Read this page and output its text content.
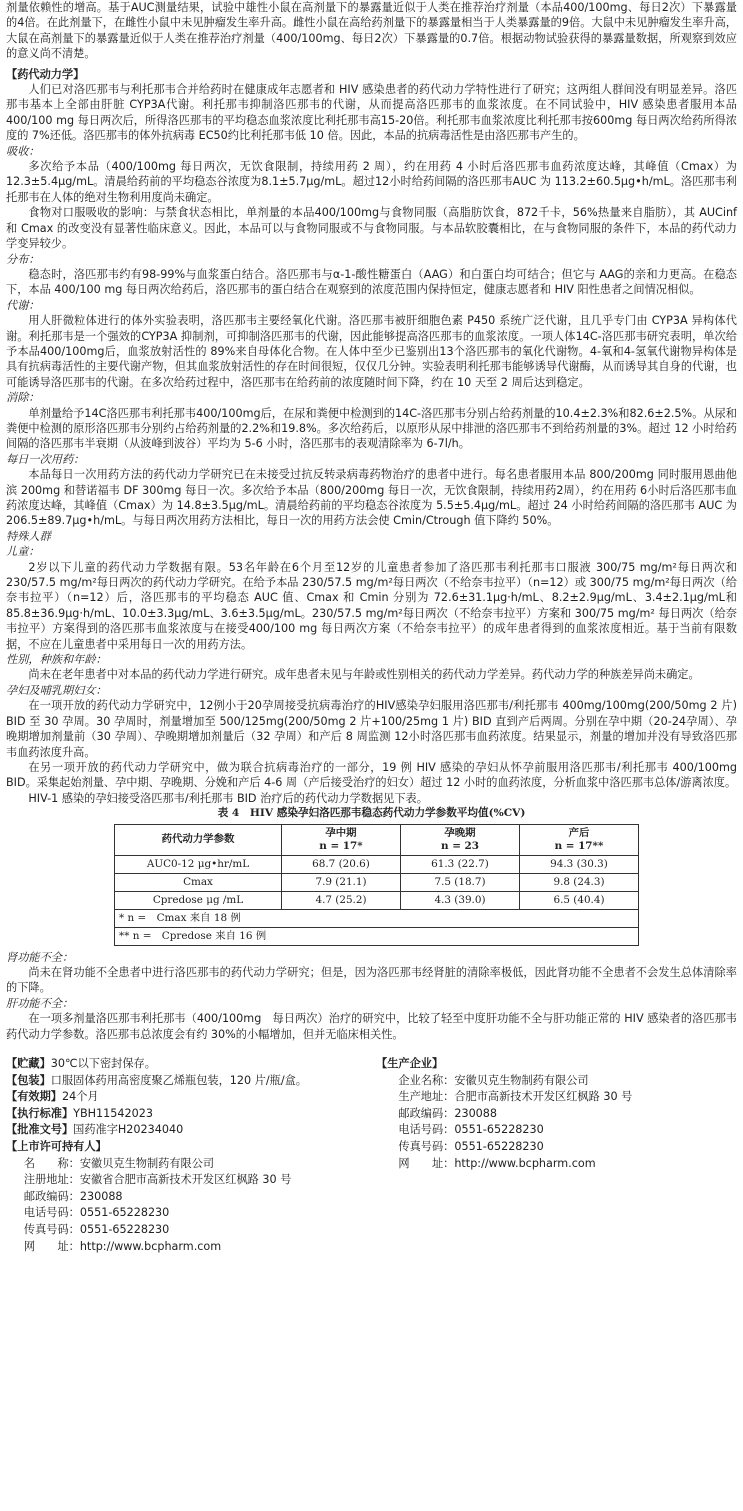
剂量依赖性的增高。基于AUC测量结果，试验中雄性小鼠在高剂量下的暴露量近似于人类在推荐治疗剂量（本品400/100mg、每日2次）下暴露量的4倍。在此剂量下，在雌性小鼠中未见肿瘤发生率升高。雌性小鼠在高给药剂量下的暴露量相当于人类暴露量的9倍。大鼠中未见肿瘤发生率升高，大鼠在高剂量下的暴露量近似于人类在推荐治疗剂量（400/100mg、每日2次）下暴露量的0.7倍。根据动物试验获得的暴露量数据，所观察到效应的意义尚不清楚。

【药代动力学】

人们已对洛匹那韦与利托那韦合并给药时在健康成年志愿者和 HIV 感染患者的药代动力学特性进行了研究；这两组人群间没有明显差异。洛匹那韦基本上全部由肝脏 CYP3A代谢。利托那韦抑制洛匹那韦的代谢，从而提高洛匹那韦的血浆浓度。在不同试验中，HIV 感染患者服用本品 400/100 mg 每日两次后，所得洛匹那韦的平均稳态血浆浓度比利托那韦高15-20倍。利托那韦血浆浓度比利托那韦按600mg 每日两次给药所得浓度的 7%还低。洛匹那韦的体外抗病毒 EC50约比利托那韦低 10 倍。因此，本品的抗病毒活性是由洛匹那韦产生的。

吸收：

多次给予本品（400/100mg 每日两次，无饮食限制，持续用药 2 周），约在用药 4 小时后洛匹那韦血药浓度达峰，其峰值（Cmax）为12.3±5.4μg/mL。清晨给药前的平均稳态谷浓度为8.1±5.7μg/mL。超过12小时给药间隔的洛匹那韦AUC 为 113.2±60.5μg•h/mL。洛匹那韦利托那韦在人体的绝对生物利用度尚未确定。

食物对口服吸收的影响：与禁食状态相比，单剂量的本品400/100mg与食物同服（高脂肪饮食，872千卡，56%热量来自脂肪），其 AUCinf 和 Cmax 的改变没有显著性临床意义。因此，本品可以与食物同服或不与食物同服。与本品软胶囊相比，在与食物同服的条件下，本品的药代动力学变异较少。

分布：

稳态时，洛匹那韦约有98-99%与血浆蛋白结合。洛匹那韦与α-1-酸性糖蛋白（AAG）和白蛋白均可结合；但它与 AAG的亲和力更高。在稳态下，本品 400/100 mg 每日两次给药后，洛匹那韦的蛋白结合在观察到的浓度范围内保持恒定，健康志愿者和 HIV 阳性患者之间情况相似。

代谢：

用人肝微粒体进行的体外实验表明，洛匹那韦主要经氧化代谢。洛匹那韦被肝细胞色素 P450 系统广泛代谢，且几乎专门由 CYP3A 异构体代谢。利托那韦是一个强效的CYP3A 抑制剂，可抑制洛匹那韦的代谢，因此能够提高洛匹那韦的血浆浓度。一项人体14C-洛匹那韦研究表明，单次给予本品400/100mg后，血浆放射活性的 89%来自母体化合物。在人体中至少已鉴别出13个洛匹那韦的氧化代谢物。4-氧和4-氢氧代谢物异构体是具有抗病毒活性的主要代谢产物，但其血浆放射活性的存在时间很短，仅仅几分钟。实验表明利托那韦能够诱导代谢酶，从而诱导其自身的代谢，也可能诱导洛匹那韦的代谢。在多次给药过程中，洛匹那韦在给药前的浓度随时间下降，约在 10 天至 2 周后达到稳定。

消除：

单剂量给予14C洛匹那韦利托那韦400/100mg后，在尿和粪便中检测到的14C-洛匹那韦分别占给药剂量的10.4±2.3%和82.6±2.5%。从尿和粪便中检测的原形洛匹那韦分别约占给药剂量的2.2%和19.8%。多次给药后，以原形从尿中排泄的洛匹那韦不到给药剂量的3%。超过 12 小时给药间隔的洛匹那韦半衰期（从波峰到波谷）平均为 5-6 小时，洛匹那韦的表观清除率为 6-7l/h。

每日一次用药：

本品每日一次用药方法的药代动力学研究已在未接受过抗反转录病毒药物治疗的患者中进行。每名患者服用本品 800/200mg 同时服用恩曲他滨 200mg 和替诺福韦 DF 300mg 每日一次。多次给予本品（800/200mg 每日一次，无饮食限制，持续用药2周），约在用药 6小时后洛匹那韦血药浓度达峰，其峰值（Cmax）为 14.8±3.5μg/mL。清晨给药前的平均稳态谷浓度为 5.5±5.4μg/mL。超过 24 小时给药间隔的洛匹那韦 AUC 为 206.5±89.7μg•h/mL。与每日两次用药方法相比，每日一次的用药方法会使 Cmin/Ctrough 值下降约 50%。

特殊人群

儿童：

2岁以下儿童的药代动力学数据有限。53名年龄在6个月至12岁的儿童患者参加了洛匹那韦利托那韦口服液 300/75 mg/m²每日两次和 230/57.5 mg/m²每日两次的药代动力学研究。在给予本品 230/57.5 mg/m²每日两次（不给奈韦拉平）（n=12）或 300/75 mg/m²每日两次（给奈韦拉平）（n=12）后，洛匹那韦的平均稳态 AUC 值、Cmax 和 Cmin 分别为 72.6±31.1μg·h/mL、8.2±2.9μg/mL、3.4±2.1μg/mL和85.8±36.9μg·h/mL、10.0±3.3μg/mL、3.6±3.5μg/mL。230/57.5 mg/m²每日两次（不给奈韦拉平）方案和 300/75 mg/m² 每日两次（给奈韦拉平）方案得到的洛匹那韦血浆浓度与在接受400/100 mg 每日两次方案（不给奈韦拉平）的成年患者得到的血浆浓度相近。基于当前有限数据，不应在儿童患者中采用每日一次的用药方法。

性别，种族和年龄：

尚未在老年患者中对本品的药代动力学进行研究。成年患者未见与年龄或性别相关的药代动力学差异。药代动力学的种族差异尚未确定。

孕妇及哺乳期妇女：

在一项开放的药代动力学研究中，12例小于20孕周接受抗病毒治疗的HIV感染孕妇服用洛匹那韦/利托那韦 400mg/100mg(200/50mg 2 片) BID 至 30 孕周。30 孕周时，剂量增加至 500/125mg(200/50mg 2 片+100/25mg 1 片) BID 直到产后两周。分别在孕中期（20-24孕周）、孕晚期增加剂量前（30 孕周）、孕晚期增加剂量后（32 孕周）和产后 8 周监测 12小时洛匹那韦血药浓度。结果显示，剂量的增加并没有导致洛匹那韦血药浓度升高。

在另一项开放的药代动力学研究中，做为联合抗病毒治疗的一部分，19 例 HIV 感染的孕妇从怀孕前服用洛匹那韦/利托那韦 400/100mg BID。采集起始剂量、孕中期、孕晚期、分娩和产后 4-6 周（产后接受治疗的妇女）超过 12 小时的血药浓度，分析血浆中洛匹那韦总体/游离浓度。

HIV-1 感染的孕妇接受洛匹那韦/利托那韦 BID 治疗后的药代动力学数据见下表。

表 4　HIV 感染孕妇洛匹那韦稳态药代动力学参数平均值(%CV)

药代动力学参数	孕中期
n = 17*	孕晚期
n = 23	产后
n = 17**
AUC0-12 μg•hr/mL	68.7 (20.6)	61.3 (22.7)	94.3 (30.3)
Cmax	7.9 (21.1)	7.5 (18.7)	9.8 (24.3)
Cpredose μg /mL	4.7 (25.2)	4.3 (39.0)	6.5 (40.4)
* n =　Cmax 来自 18 例			
** n =　Cpredose 来自 16 例			

肾功能不全：

尚未在肾功能不全患者中进行洛匹那韦的药代动力学研究；但是，因为洛匹那韦经肾脏的清除率极低，因此肾功能不全患者不会发生总体清除率的下降。

肝功能不全：

在一项多剂量洛匹那韦利托那韦（400/100mg　每日两次）治疗的研究中，比较了轻至中度肝功能不全与肝功能正常的 HIV 感染者的洛匹那韦药代动力学参数。洛匹那韦总浓度会有约 30%的小幅增加，但并无临床相关性。

【贮藏】30℃以下密封保存。

【包装】口服固体药用高密度聚乙烯瓶包装，120 片/瓶/盒。

【有效期】24个月

【执行标准】YBH11542023

【批准文号】国药准字H20234040

【上市许可持有人】

名　　称：安徽贝克生物制药有限公司

注册地址：安徽省合肥市高新技术开发区红枫路 30 号

邮政编码：230088

电话号码：0551-65228230

传真号码：0551-65228230

网　　址：http://www.bcpharm.com

【生产企业】

企业名称：安徽贝克生物制药有限公司

生产地址：合肥市高新技术开发区红枫路 30 号

邮政编码：230088

电话号码：0551-65228230

传真号码：0551-65228230

网　　址：http://www.bcpharm.com
